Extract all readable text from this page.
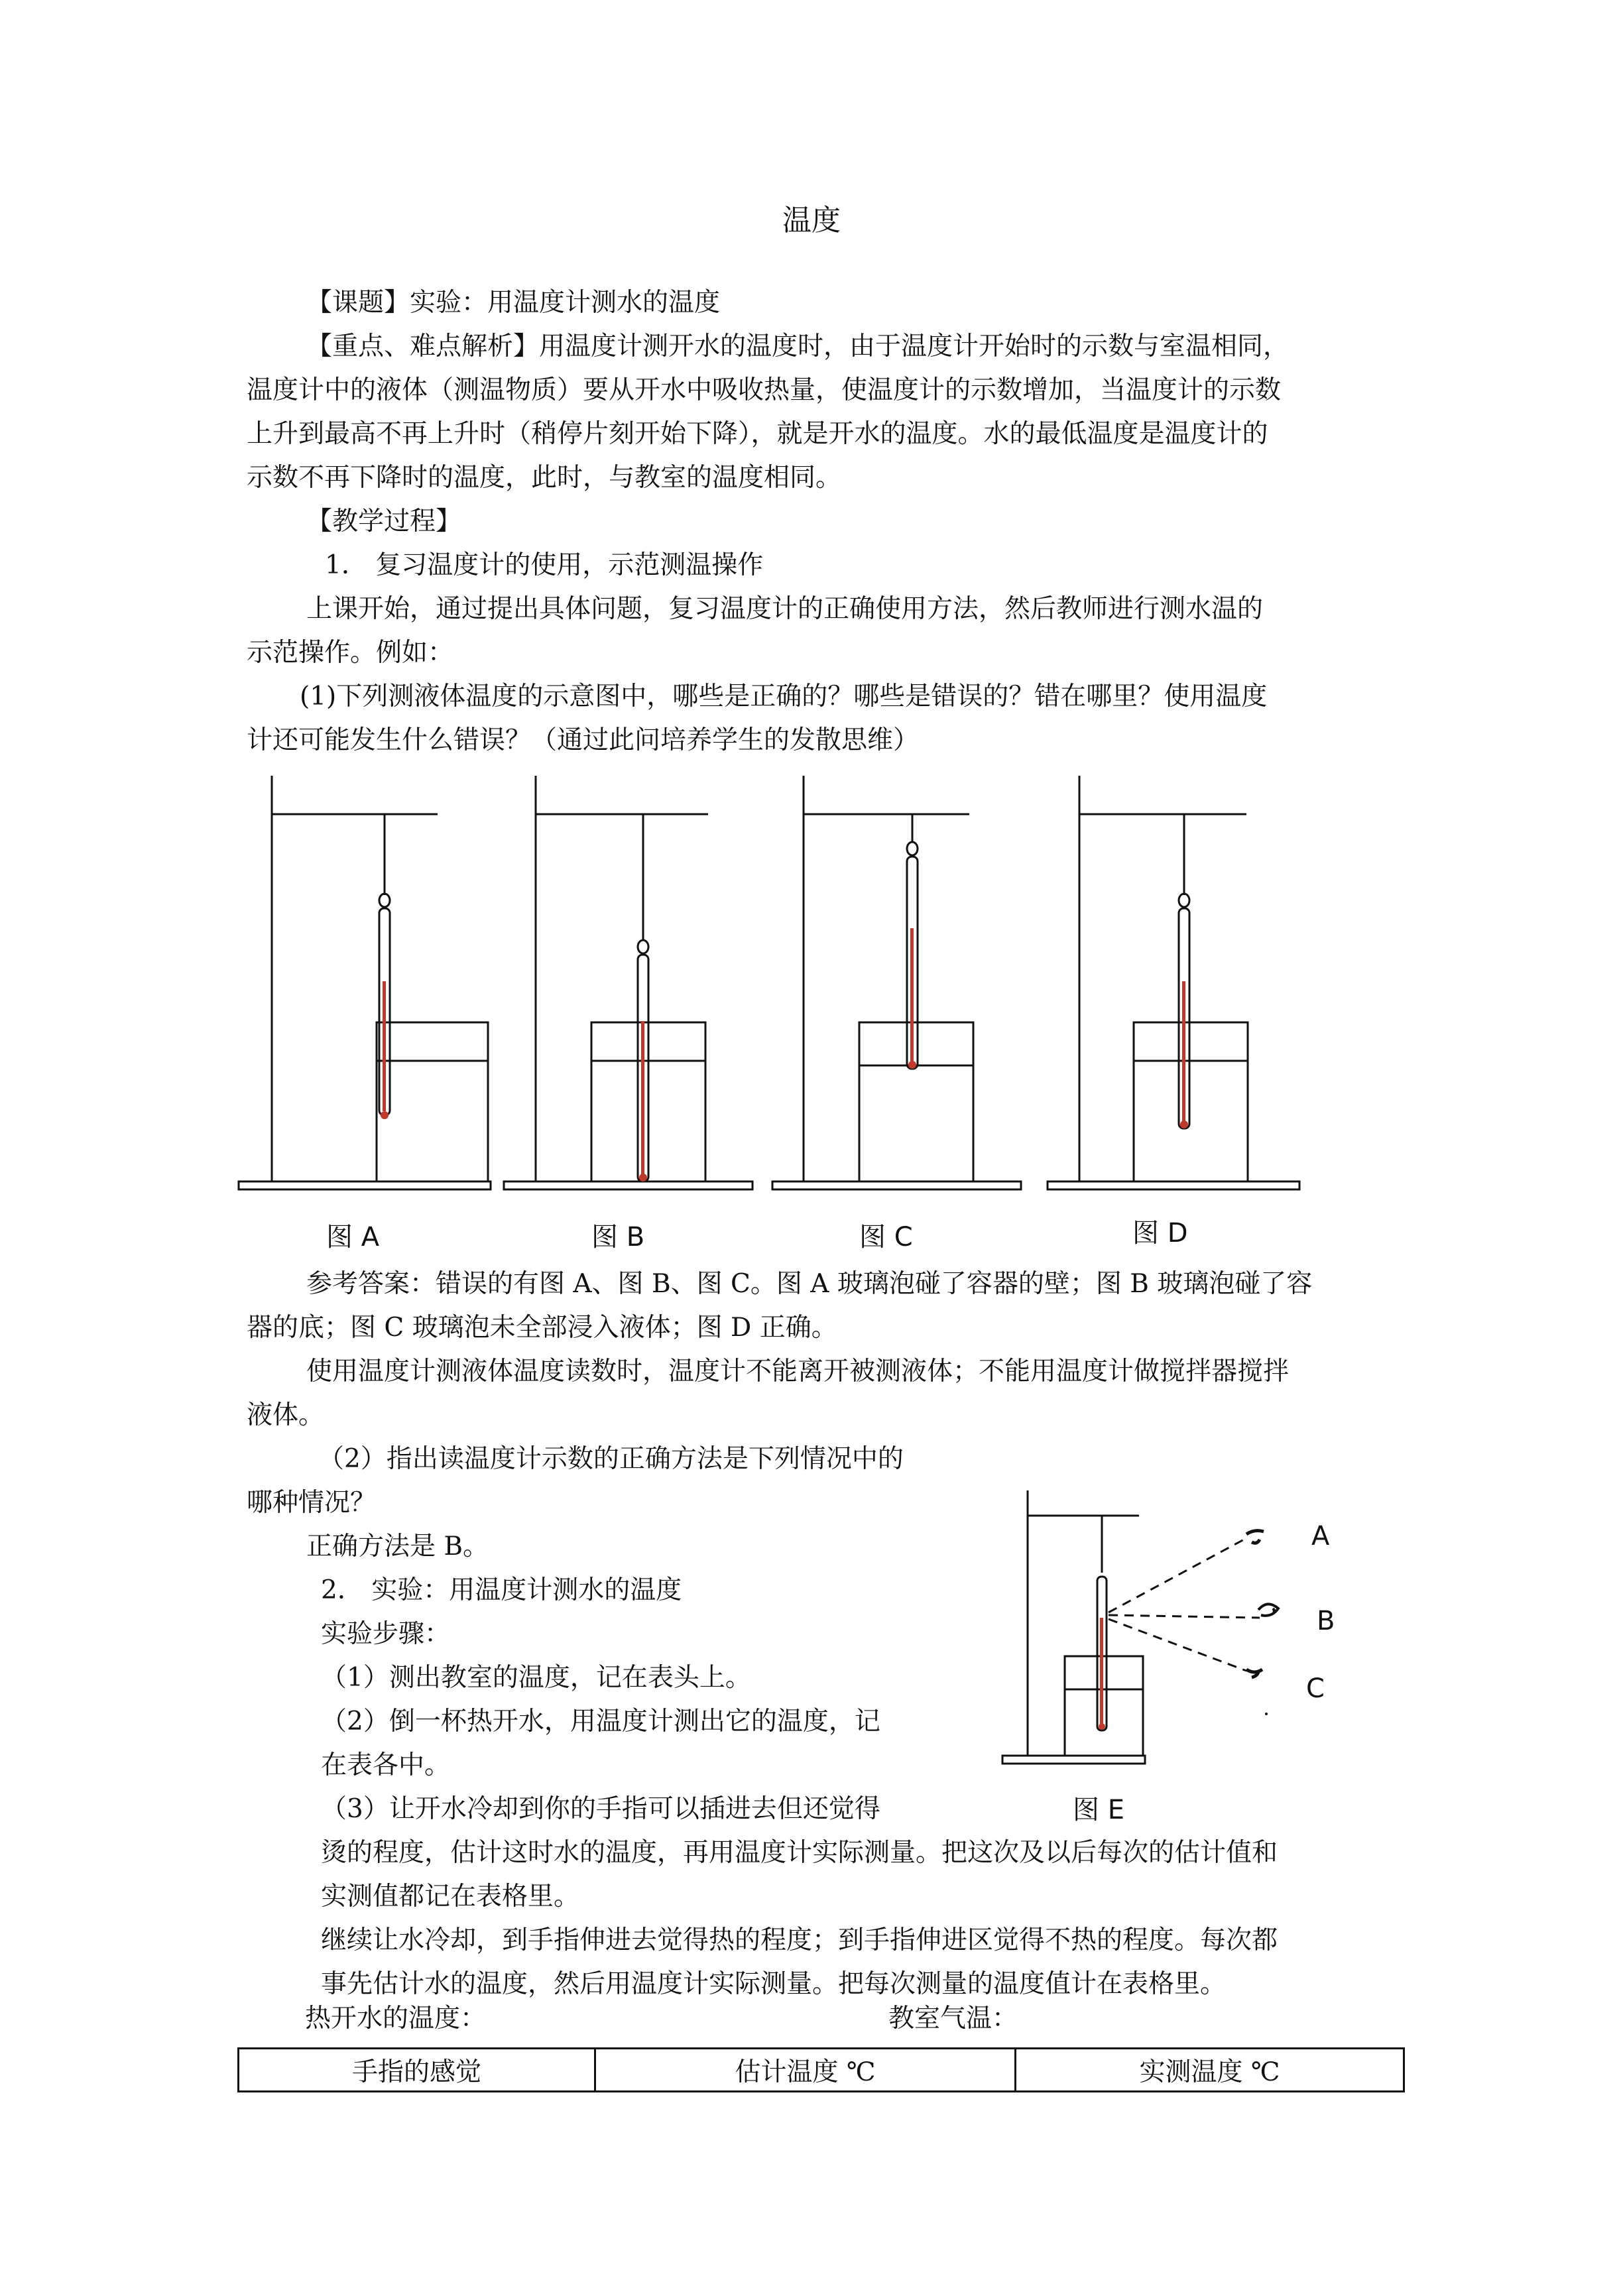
温度

【课题】实验：用温度计测水的温度

【重点、难点解析】用温度计测开水的温度时，由于温度计开始时的示数与室温相同，

温度计中的液体（测温物质）要从开水中吸收热量，使温度计的示数增加，当温度计的示数

上升到最高不再上升时（稍停片刻开始下降），就是开水的温度。水的最低温度是温度计的

示数不再下降时的温度，此时，与教室的温度相同。

【教学过程】

1． 复习温度计的使用，示范测温操作

上课开始，通过提出具体问题，复习温度计的正确使用方法，然后教师进行测水温的

示范操作。例如：

(1)下列测液体温度的示意图中，哪些是正确的？哪些是错误的？错在哪里？使用温度

计还可能发生什么错误？（通过此问培养学生的发散思维）

图 A	图 B	图 C	图 D

参考答案：错误的有图 A、图 B、图 C。图 A 玻璃泡碰了容器的壁；图 B 玻璃泡碰了容

器的底；图 C 玻璃泡未全部浸入液体；图 D 正确。

使用温度计测液体温度读数时，温度计不能离开被测液体；不能用温度计做搅拌器搅拌

液体。

（2）指出读温度计示数的正确方法是下列情况中的

哪种情况？

正确方法是 B。

2． 实验：用温度计测水的温度

实验步骤：

（1）测出教室的温度，记在表头上。

（2）倒一杯热开水，用温度计测出它的温度，记

在表各中。

（3）让开水冷却到你的手指可以插进去但还觉得

烫的程度，估计这时水的温度，再用温度计实际测量。把这次及以后每次的估计值和

实测值都记在表格里。

继续让水冷却，到手指伸进去觉得热的程度；到手指伸进区觉得不热的程度。每次都

事先估计水的温度，然后用温度计实际测量。把每次测量的温度值计在表格里。

A
B
C
图 E
热开水的温度：	教室气温：
手指的感觉	估计温度 ℃	实测温度 ℃
